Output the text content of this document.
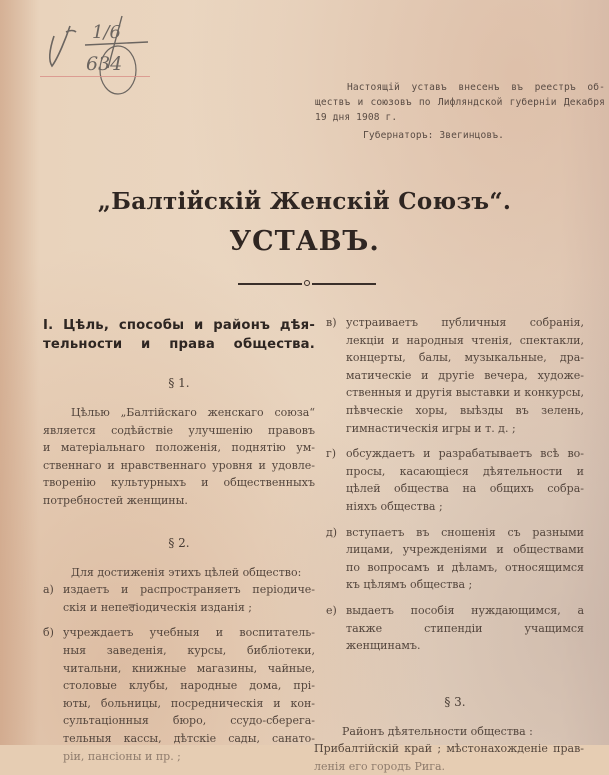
1/6
634
Настоящій уставъ внесенъ въ реестръ об-
ществъ и союзовъ по Лифляндской губерніи Декабря
19 дня 1908 г.
Губернаторъ: Звегинцовъ.
„Балтійскій Женскій Союзъ“.
УСТАВЪ.
I. Цѣль, способы и районъ дѣя-
тельности и права общества.
§ 1.
Цѣлью „Балтійскаго женскаго союза“
является содѣйствіе улучшенію правовъ
и матеріальнаго положенія, поднятію ум-
ственнаго и нравственнаго уровня и удовле-
творенію культурныхъ и общественныхъ
потребностей женщины.
§ 2.
Для достиженія этихъ цѣлей общество:
а) издаетъ и распространяетъ періодиче-
скія и непеਰіодическія изданія ;
б) учреждаетъ учебныя и воспитатель-
ныя заведенія, курсы, библіотеки,
читальни, книжные магазины, чайные,
столовые клубы, народные дома, прі-
юты, больницы, посредническія и кон-
сультаціонныя бюро, ссудо-сберега-
тельныя кассы, дѣтскіе сады, санато-
ріи, пансіоны и пр. ;
в) устраиваетъ публичныя собранія,
лекціи и народныя чтенія, спектакли,
концерты, балы, музыкальные, дра-
матическіе и другіе вечера, художе-
ственныя и другія выставки и конкурсы,
пѣвческіе хоры, выѣзды въ зелень,
гимнастическія игры и т. д. ;
г) обсуждаетъ и разрабатываетъ всѣ во-
просы, касающіеся дѣятельности и
цѣлей общества на общихъ собра-
ніяхъ общества ;
д) вступаетъ въ сношенія съ разными
лицами, учрежденіями и обществами
по вопросамъ и дѣламъ, относящимся
къ цѣлямъ общества ;
е) выдаетъ пособія нуждающимся, а
также стипендіи учащимся женщинамъ.
§ 3.
Районъ дѣятельности общества :
Прибалтійскій край ; мѣстонахожденіе прав-
ленія его городъ Рига.
